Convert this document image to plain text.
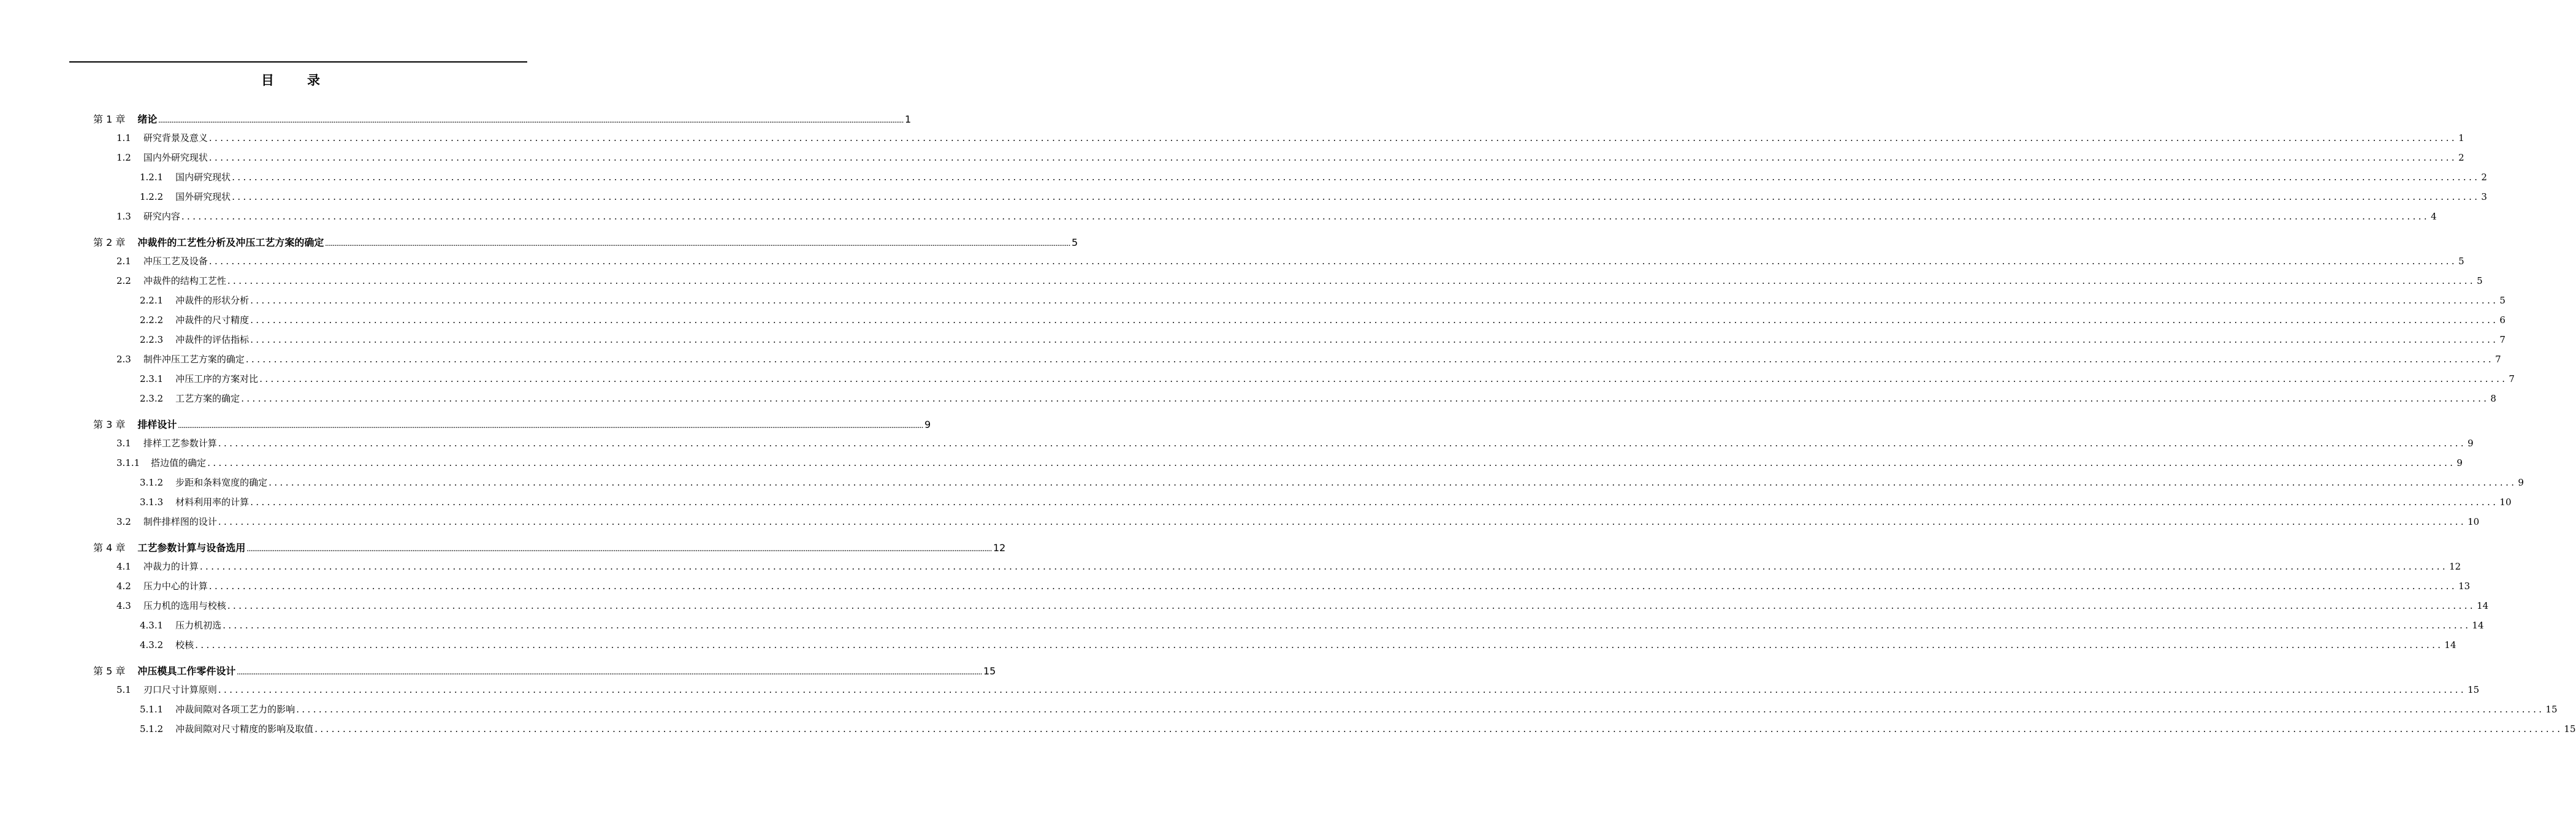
目 录
第 1 章 绪论 ................................................................................................................................................................................................................................................................................................................................................................................................................ 1
1.1 研究背景及意义 ................................................................................................................................................................................................................................................................................................................................................................................................................ 1
1.2 国内外研究现状 ................................................................................................................................................................................................................................................................................................................................................................................................................ 2
1.2.1 国内研究现状 ................................................................................................................................................................................................................................................................................................................................................................................................................ 2
1.2.2 国外研究现状 ................................................................................................................................................................................................................................................................................................................................................................................................................ 3
1.3 研究内容 ................................................................................................................................................................................................................................................................................................................................................................................................................ 4
第 2 章 冲裁件的工艺性分析及冲压工艺方案的确定 ................................................................................................................................................................................................................................................................................................................................................................................................................ 5
2.1 冲压工艺及设备 ................................................................................................................................................................................................................................................................................................................................................................................................................ 5
2.2 冲裁件的结构工艺性 ................................................................................................................................................................................................................................................................................................................................................................................................................ 5
2.2.1 冲裁件的形状分析 ................................................................................................................................................................................................................................................................................................................................................................................................................ 5
2.2.2 冲裁件的尺寸精度 ................................................................................................................................................................................................................................................................................................................................................................................................................ 6
2.2.3 冲裁件的评估指标 ................................................................................................................................................................................................................................................................................................................................................................................................................ 7
2.3 制件冲压工艺方案的确定 ................................................................................................................................................................................................................................................................................................................................................................................................................ 7
2.3.1 冲压工序的方案对比 ................................................................................................................................................................................................................................................................................................................................................................................................................ 7
2.3.2 工艺方案的确定 ................................................................................................................................................................................................................................................................................................................................................................................................................ 8
第 3 章 排样设计 ................................................................................................................................................................................................................................................................................................................................................................................................................ 9
3.1 排样工艺参数计算 ................................................................................................................................................................................................................................................................................................................................................................................................................ 9
3.1.1 搭边值的确定 ................................................................................................................................................................................................................................................................................................................................................................................................................ 9
3.1.2 步距和条料宽度的确定 ................................................................................................................................................................................................................................................................................................................................................................................................................ 9
3.1.3 材料利用率的计算 ................................................................................................................................................................................................................................................................................................................................................................................................................ 10
3.2 制件排样图的设计 ................................................................................................................................................................................................................................................................................................................................................................................................................ 10
第 4 章 工艺参数计算与设备选用 ................................................................................................................................................................................................................................................................................................................................................................................................................ 12
4.1 冲裁力的计算 ................................................................................................................................................................................................................................................................................................................................................................................................................ 12
4.2 压力中心的计算 ................................................................................................................................................................................................................................................................................................................................................................................................................ 13
4.3 压力机的选用与校核 ................................................................................................................................................................................................................................................................................................................................................................................................................ 14
4.3.1 压力机初选 ................................................................................................................................................................................................................................................................................................................................................................................................................ 14
4.3.2 校核 ................................................................................................................................................................................................................................................................................................................................................................................................................ 14
第 5 章 冲压模具工作零件设计 ................................................................................................................................................................................................................................................................................................................................................................................................................ 15
5.1 刃口尺寸计算原则 ................................................................................................................................................................................................................................................................................................................................................................................................................ 15
5.1.1 冲裁间隙对各项工艺力的影响 ................................................................................................................................................................................................................................................................................................................................................................................................................ 15
5.1.2 冲裁间隙对尺寸精度的影响及取值 ................................................................................................................................................................................................................................................................................................................................................................................................................ 15
